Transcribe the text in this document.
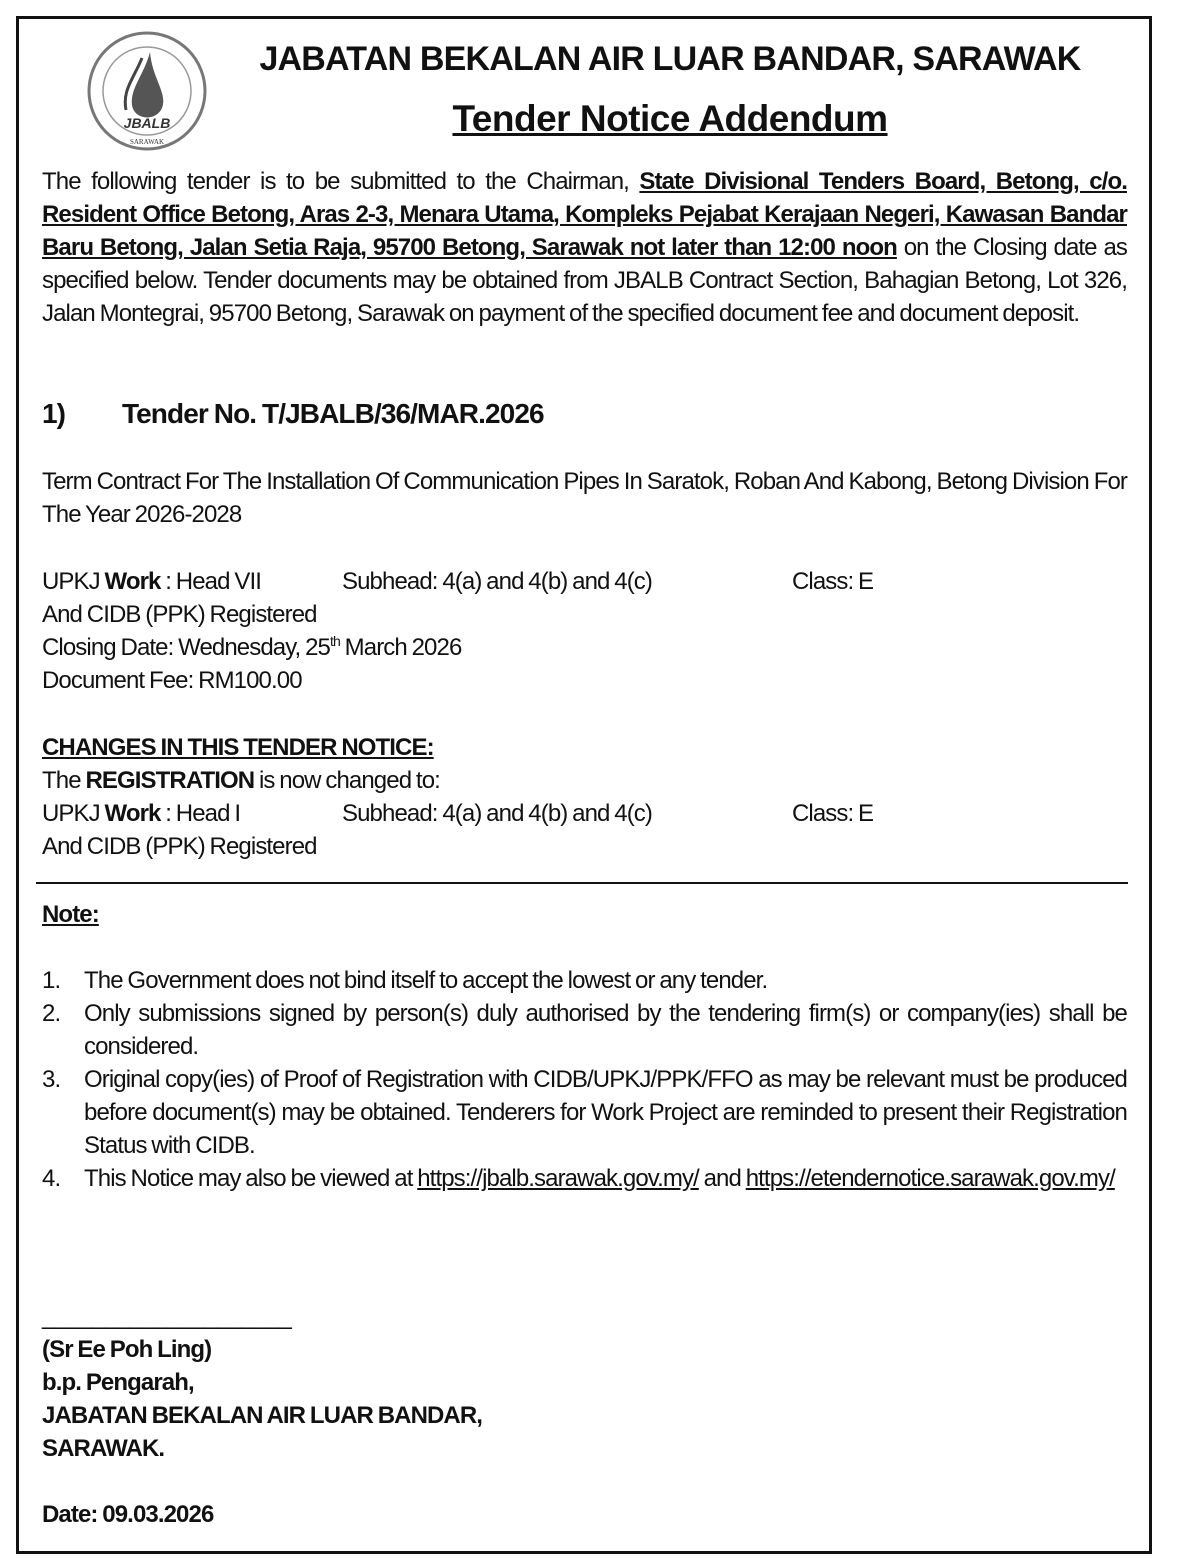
JBALB
SARAWAK
JABATAN BEKALAN AIR LUAR BANDAR, SARAWAK
Tender Notice Addendum
The following tender is to be submitted to the Chairman, State Divisional Tenders Board, Betong, c/o. Resident Office Betong, Aras 2-3, Menara Utama, Kompleks Pejabat Kerajaan Negeri, Kawasan Bandar Baru Betong, Jalan Setia Raja, 95700 Betong, Sarawak not later than 12:00 noon on the Closing date as specified below. Tender documents may be obtained from JBALB Contract Section, Bahagian Betong, Lot 326, Jalan Montegrai, 95700 Betong, Sarawak on payment of the specified document fee and document deposit.
1) Tender No. T/JBALB/36/MAR.2026
Term Contract For The Installation Of Communication Pipes In Saratok, Roban And Kabong, Betong Division For The Year 2026-2028
UPKJ Work : Head VII	Subhead: 4(a) and 4(b) and 4(c)	Class: E
And CIDB (PPK) Registered
Closing Date: Wednesday, 25th March 2026
Document Fee: RM100.00
CHANGES IN THIS TENDER NOTICE:
The REGISTRATION is now changed to:
UPKJ Work : Head I	Subhead: 4(a) and 4(b) and 4(c)	Class: E
And CIDB (PPK) Registered
Note:
1. The Government does not bind itself to accept the lowest or any tender.
2. Only submissions signed by person(s) duly authorised by the tendering firm(s) or company(ies) shall be considered.
3. Original copy(ies) of Proof of Registration with CIDB/UPKJ/PPK/FFO as may be relevant must be produced before document(s) may be obtained. Tenderers for Work Project are reminded to present their Registration Status with CIDB.
4. This Notice may also be viewed at https://jbalb.sarawak.gov.my/ and https://etendernotice.sarawak.gov.my/
____________________
(Sr Ee Poh Ling)
b.p. Pengarah,
JABATAN BEKALAN AIR LUAR BANDAR,
SARAWAK.
Date: 09.03.2026
